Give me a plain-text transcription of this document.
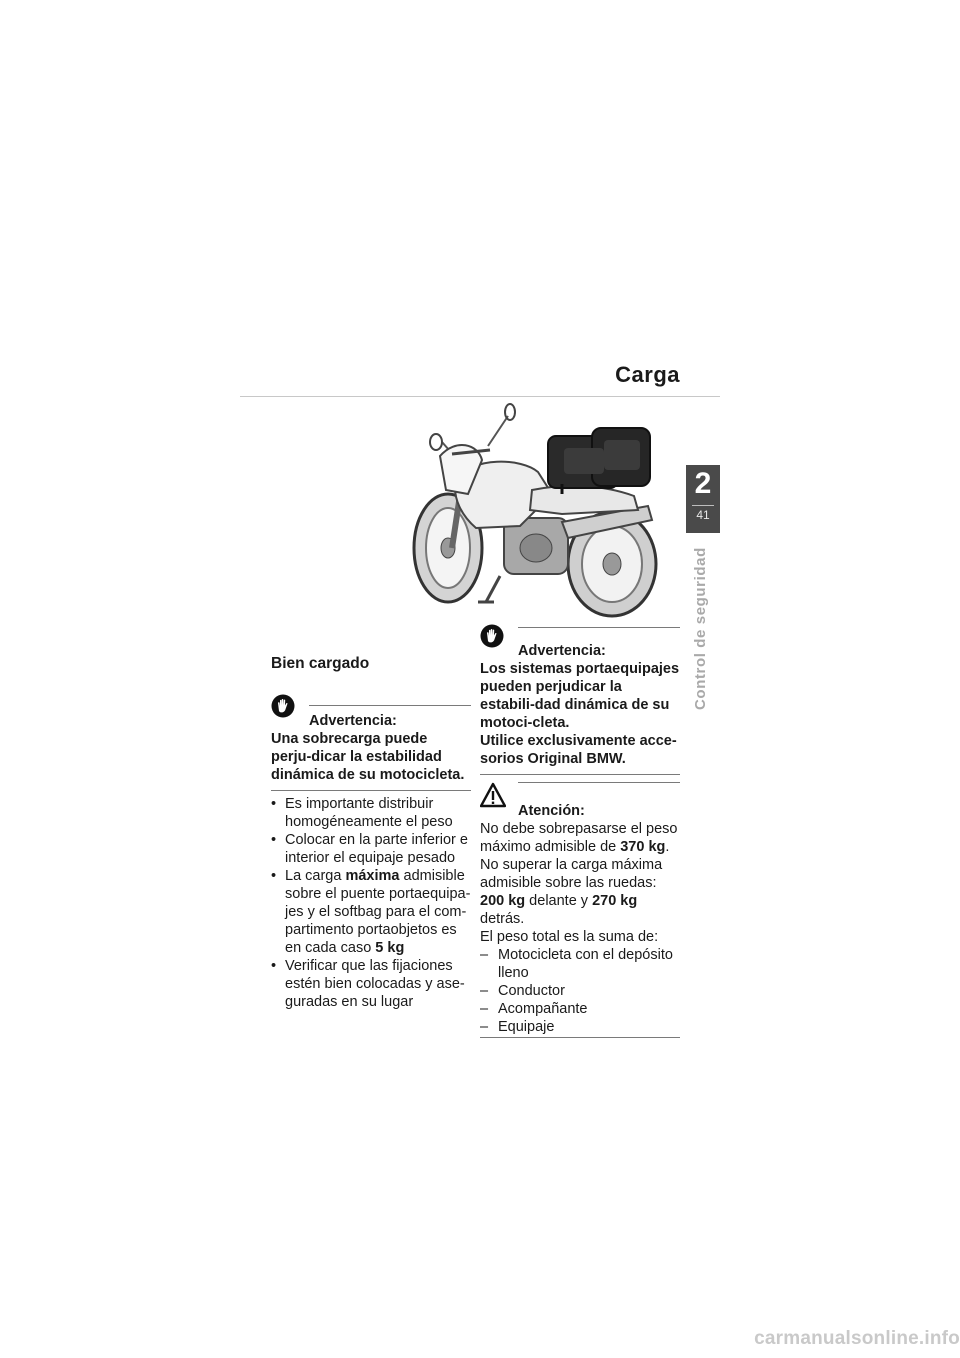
Carga
2
41
Control de seguridad
Bien cargado
Advertencia:
Una sobrecarga puede perju-dicar la estabilidad dinámica de su motocicleta.
• Es importante distribuir homogéneamente el peso
• Colocar en la parte inferior e interior el equipaje pesado
• La carga máxima admisible sobre el puente portaequipa-jes y el softbag para el com-partimento portaobjetos es en cada caso 5 kg
• Verificar que las fijaciones estén bien colocadas y ase-guradas en su lugar
Advertencia:
Los sistemas portaequipajes pueden perjudicar la estabili-dad dinámica de su motoci-cleta.
Utilice exclusivamente acce-sorios Original BMW.
Atención:
No debe sobrepasarse el peso máximo admisible de 370 kg.
No superar la carga máxima admisible sobre las ruedas:
200 kg delante y 270 kg detrás.
El peso total es la suma de:
– Motocicleta con el depósito lleno
– Conductor
– Acompañante
– Equipaje
carmanualsonline.info
